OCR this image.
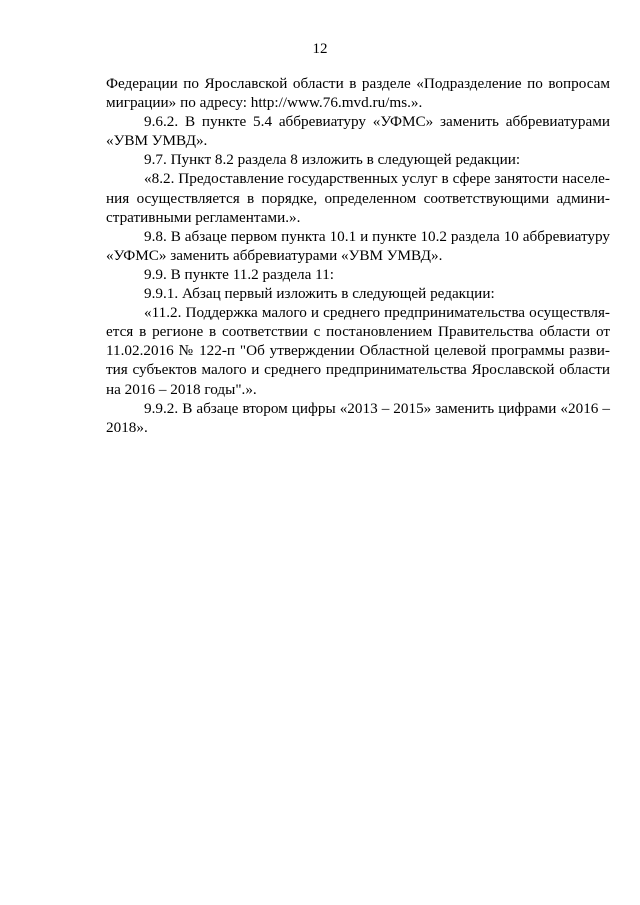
12
Федерации по Ярославской области в разделе «Подразделение по вопросам
миграции» по адресу: http://www.76.mvd.ru/ms.».
9.6.2. В пункте 5.4 аббревиатуру «УФМС» заменить аббревиатурами
«УВМ УМВД».
9.7. Пункт 8.2 раздела 8 изложить в следующей редакции:
«8.2. Предоставление государственных услуг в сфере занятости населе-
ния осуществляется в порядке, определенном соответствующими админи-
стративными регламентами.».
9.8. В абзаце первом пункта 10.1 и пункте 10.2 раздела 10 аббревиатуру
«УФМС» заменить аббревиатурами «УВМ УМВД».
9.9. В пункте 11.2 раздела 11:
9.9.1. Абзац первый изложить в следующей редакции:
«11.2. Поддержка малого и среднего предпринимательства осуществля-
ется в регионе в соответствии с постановлением Правительства области от
11.02.2016 № 122-п "Об утверждении Областной целевой программы разви-
тия субъектов малого и среднего предпринимательства Ярославской области
на 2016 – 2018 годы".».
9.9.2. В абзаце втором цифры «2013 – 2015» заменить цифрами «2016 –
2018».
